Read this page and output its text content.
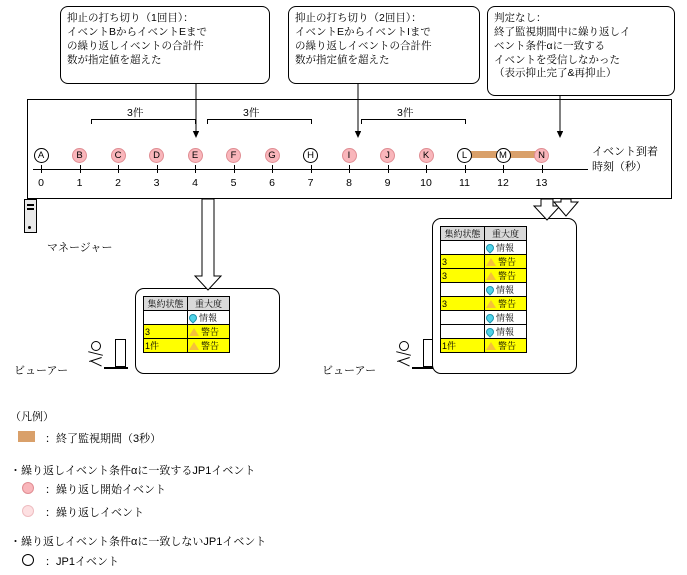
抑止の打ち切り（1回目）：
イベントBからイベントEまで
の繰り返しイベントの合計件
数が指定値を超えた
抑止の打ち切り（2回目）：
イベントEからイベントIまで
の繰り返しイベントの合計件
数が指定値を超えた
判定なし：
終了監視期間中に繰り返しイ
ベント条件αに一致する
イベントを受信しなかった
（表示抑止完了&再抑止）
A	B	C	D	E	F	G	H	I	J	K	L	M	N
0	1	2	3	4	5	6	7	8	9	10	11	12	13
3件	3件	3件
イベント到着
時刻（秒）
マネージャー
ビューアー	ビューアー
集約状態	重大度

	情報

3	警告

1件	警告
集約状態	重大度

	情報

3	警告

3	警告

	情報

3	警告

	情報

	情報

1件	警告
（凡例）
：終了監視期間（3秒）
・繰り返しイベント条件αに一致するJP1イベント
：繰り返し開始イベント
：繰り返しイベント
・繰り返しイベント条件αに一致しないJP1イベント
：JP1イベント
